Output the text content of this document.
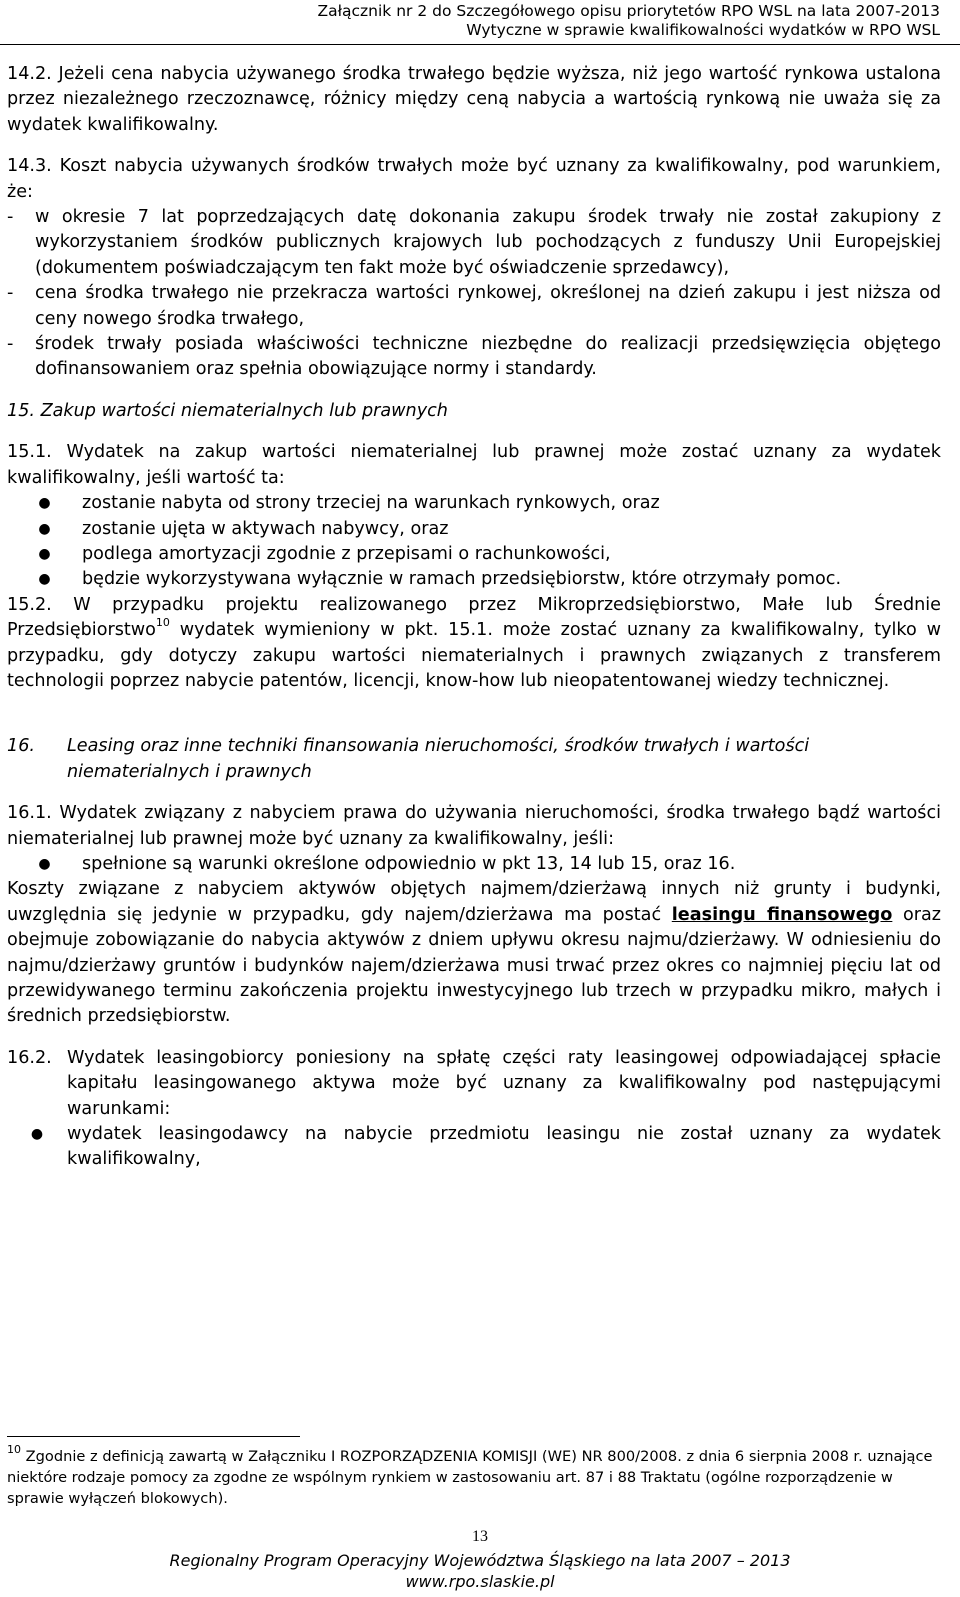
Załącznik nr 2 do Szczegółowego opisu priorytetów RPO WSL na lata 2007-2013
Wytyczne w sprawie kwalifikowalności wydatków w RPO WSL

14.2. Jeżeli cena nabycia używanego środka trwałego będzie wyższa, niż jego wartość rynkowa ustalona przez niezależnego rzeczoznawcę, różnicy między ceną nabycia a wartością rynkową nie uważa się za wydatek kwalifikowalny.

14.3. Koszt nabycia używanych środków trwałych może być uznany za kwalifikowalny, pod warunkiem, że:

-	w okresie 7 lat poprzedzających datę dokonania zakupu środek trwały nie został zakupiony z wykorzystaniem środków publicznych krajowych lub pochodzących z funduszy Unii Europejskiej (dokumentem poświadczającym ten fakt może być oświadczenie sprzedawcy),
-	cena środka trwałego nie przekracza wartości rynkowej, określonej na dzień zakupu i jest niższa od ceny nowego środka trwałego,
-	środek trwały posiada właściwości techniczne niezbędne do realizacji przedsięwzięcia objętego dofinansowaniem oraz spełnia obowiązujące normy i standardy.

15. Zakup wartości niematerialnych lub prawnych

15.1. Wydatek na zakup wartości niematerialnej lub prawnej może zostać uznany za wydatek kwalifikowalny, jeśli wartość ta:

●	zostanie nabyta od strony trzeciej na warunkach rynkowych, oraz
●	zostanie ujęta w aktywach nabywcy, oraz
●	podlega amortyzacji zgodnie z przepisami o rachunkowości,
●	będzie wykorzystywana wyłącznie w ramach przedsiębiorstw, które otrzymały pomoc.

15.2. W przypadku projektu realizowanego przez Mikroprzedsiębiorstwo, Małe lub Średnie Przedsiębiorstwo$^{10}$ wydatek wymieniony w pkt. 15.1. może zostać uznany za kwalifikowalny, tylko w przypadku, gdy dotyczy zakupu wartości niematerialnych i prawnych związanych z transferem technologii poprzez nabycie patentów, licencji, know-how lub nieopatentowanej wiedzy technicznej.

16.	Leasing oraz inne techniki finansowania nieruchomości, środków trwałych i wartości niematerialnych i prawnych

16.1. Wydatek związany z nabyciem prawa do używania nieruchomości, środka trwałego bądź wartości niematerialnej lub prawnej może być uznany za kwalifikowalny, jeśli:

●	spełnione są warunki określone odpowiednio w pkt 13, 14 lub 15, oraz 16.

Koszty związane z nabyciem aktywów objętych najmem/dzierżawą innych niż grunty i budynki, uwzględnia się jedynie w przypadku, gdy najem/dzierżawa ma postać leasingu finansowego oraz obejmuje zobowiązanie do nabycia aktywów z dniem upływu okresu najmu/dzierżawy. W odniesieniu do najmu/dzierżawy gruntów i budynków najem/dzierżawa musi trwać przez okres co najmniej pięciu lat od przewidywanego terminu zakończenia projektu inwestycyjnego lub trzech w przypadku mikro, małych i średnich przedsiębiorstw.

16.2. Wydatek leasingobiorcy poniesiony na spłatę części raty leasingowej odpowiadającej spłacie kapitału leasingowanego aktywa może być uznany za kwalifikowalny pod następującymi warunkami:
●	wydatek leasingodawcy na nabycie przedmiotu leasingu nie został uznany za wydatek kwalifikowalny,
$^{10}$ Zgodnie z definicją zawartą w Załączniku I ROZPORZĄDZENIA KOMISJI (WE) NR 800/2008. z dnia 6 sierpnia 2008 r. uznające niektóre rodzaje pomocy za zgodne ze wspólnym rynkiem w zastosowaniu art. 87 i 88 Traktatu (ogólne rozporządzenie w sprawie wyłączeń blokowych).
13
Regionalny Program Operacyjny Województwa Śląskiego na lata 2007 – 2013
www.rpo.slaskie.pl
